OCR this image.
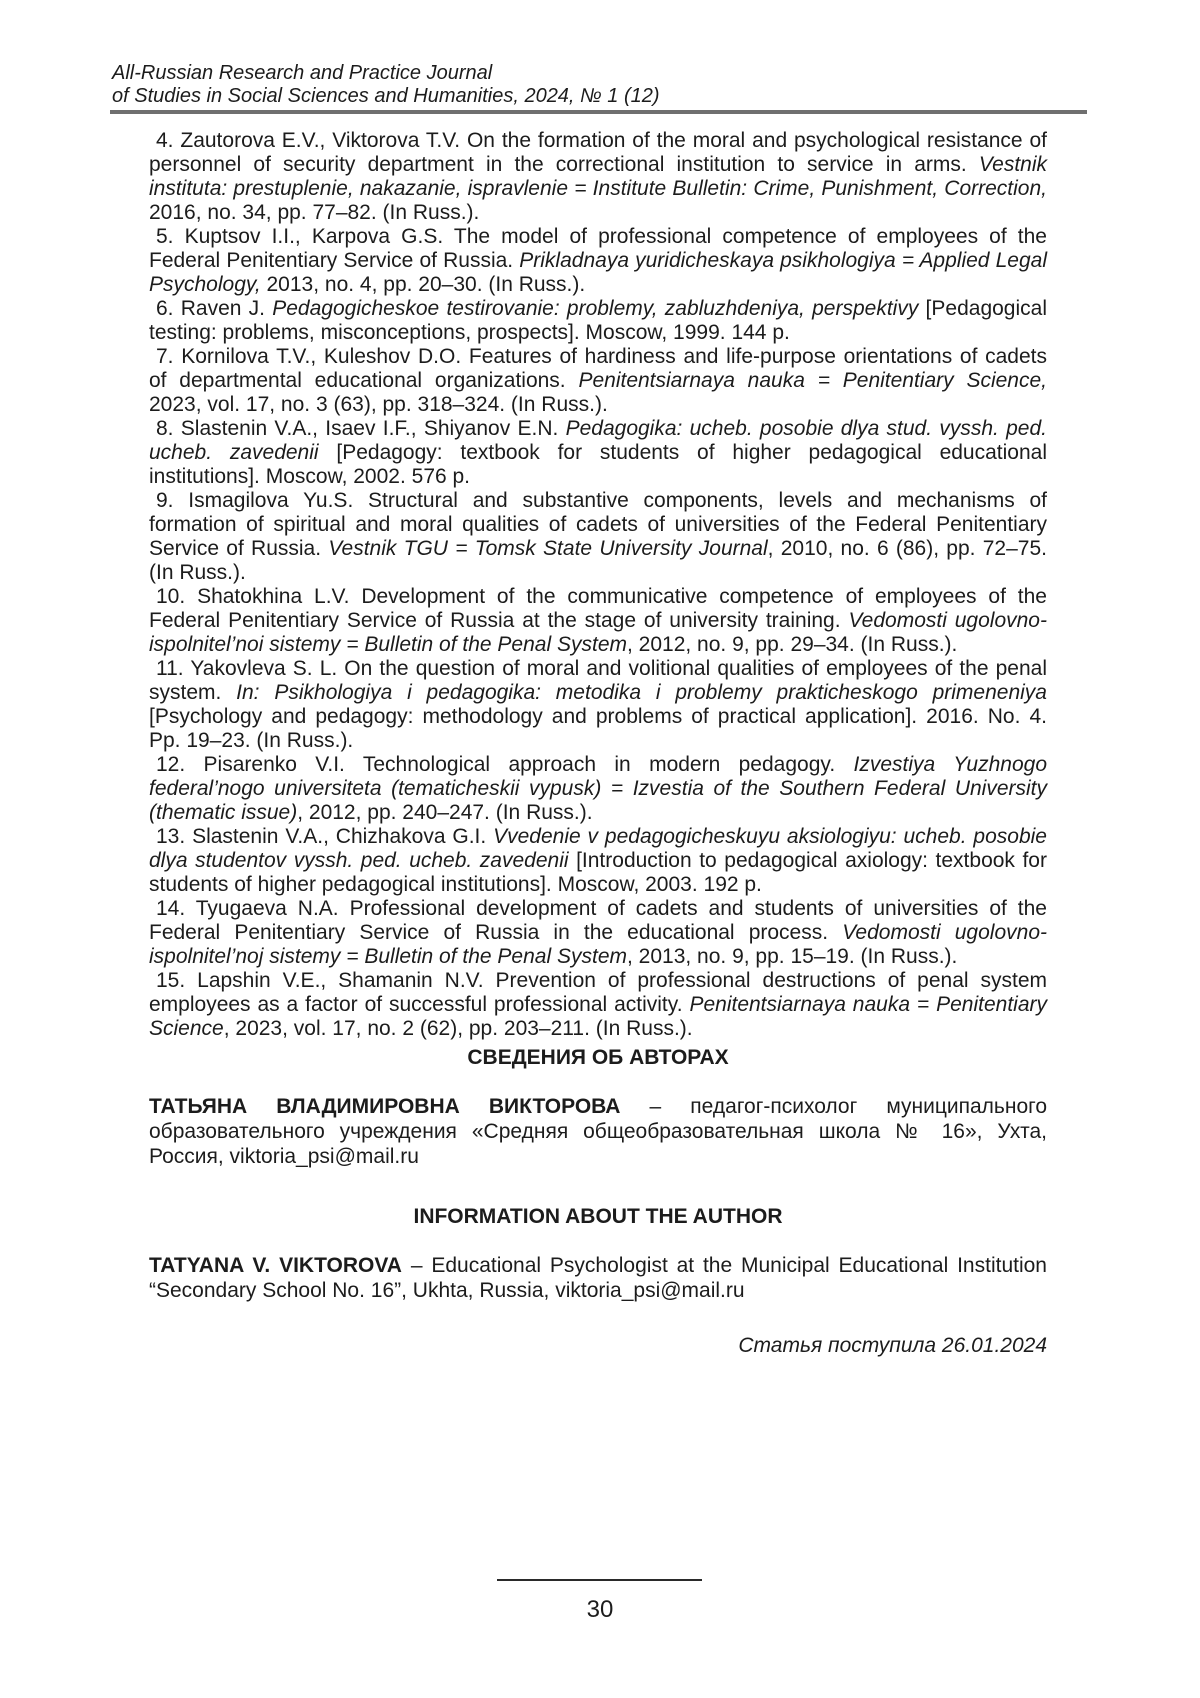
All-Russian Research and Practice Journal
of Studies in Social Sciences and Humanities, 2024, № 1 (12)

4. Zautorova E.V., Viktorova T.V. On the formation of the moral and psychological resistance of personnel of security department in the correctional institution to service in arms. Vestnik instituta: prestuplenie, nakazanie, ispravlenie = Institute Bulletin: Crime, Punishment, Correction, 2016, no. 34, pp. 77–82. (In Russ.).

5. Kuptsov I.I., Karpova G.S. The model of professional competence of employees of the Federal Penitentiary Service of Russia. Prikladnaya yuridicheskaya psikhologiya = Applied Legal Psychology, 2013, no. 4, pp. 20–30. (In Russ.).

6. Raven J. Pedagogicheskoe testirovanie: problemy, zabluzhdeniya, perspektivy [Pedagogical testing: problems, misconceptions, prospects]. Moscow, 1999. 144 p.

7. Kornilova T.V., Kuleshov D.O. Features of hardiness and life-purpose orientations of cadets of departmental educational organizations. Penitentsiarnaya nauka = Penitentiary Science, 2023, vol. 17, no. 3 (63), pp. 318–324. (In Russ.).

8. Slastenin V.A., Isaev I.F., Shiyanov E.N. Pedagogika: ucheb. posobie dlya stud. vyssh. ped. ucheb. zavedenii [Pedagogy: textbook for students of higher pedagogical educational institutions]. Moscow, 2002. 576 p.

9. Ismagilova Yu.S. Structural and substantive components, levels and mechanisms of formation of spiritual and moral qualities of cadets of universities of the Federal Penitentiary Service of Russia. Vestnik TGU = Tomsk State University Journal, 2010, no. 6 (86), pp. 72–75. (In Russ.).

10. Shatokhina L.V. Development of the communicative competence of employees of the Federal Penitentiary Service of Russia at the stage of university training. Vedomosti ugolovno-ispolnitel’noi sistemy = Bulletin of the Penal System, 2012, no. 9, pp. 29–34. (In Russ.).

11. Yakovleva S. L. On the question of moral and volitional qualities of employees of the penal system. In: Psikhologiya i pedagogika: metodika i problemy prakticheskogo primeneniya [Psychology and pedagogy: methodology and problems of practical application]. 2016. No. 4. Pp. 19–23. (In Russ.).

12. Pisarenko V.I. Technological approach in modern pedagogy. Izvestiya Yuzhnogo federal’nogo universiteta (tematicheskii vypusk) = Izvestia of the Southern Federal University (thematic issue), 2012, pp. 240–247. (In Russ.).

13. Slastenin V.A., Chizhakova G.I. Vvedenie v pedagogicheskuyu aksiologiyu: ucheb. posobie dlya studentov vyssh. ped. ucheb. zavedenii [Introduction to pedagogical axiology: textbook for students of higher pedagogical institutions]. Moscow, 2003. 192 p.

14. Tyugaeva N.A. Professional development of cadets and students of universities of the Federal Penitentiary Service of Russia in the educational process. Vedomosti ugolovno-ispolnitel’noj sistemy = Bulletin of the Penal System, 2013, no. 9, pp. 15–19. (In Russ.).

15. Lapshin V.E., Shamanin N.V. Prevention of professional destructions of penal system employees as a factor of successful professional activity. Penitentsiarnaya nauka = Penitentiary Science, 2023, vol. 17, no. 2 (62), pp. 203–211. (In Russ.).

СВЕДЕНИЯ ОБ АВТОРАХ

ТАТЬЯНА ВЛАДИМИРОВНА ВИКТОРОВА – педагог-психолог муниципального образовательного учреждения «Средняя общеобразовательная школа № 16», Ухта, Россия, viktoria_psi@mail.ru

INFORMATION ABOUT THE AUTHOR

TATYANA V. VIKTOROVA – Educational Psychologist at the Municipal Educational Institution “Secondary School No. 16”, Ukhta, Russia, viktoria_psi@mail.ru

Статья поступила 26.01.2024

30
